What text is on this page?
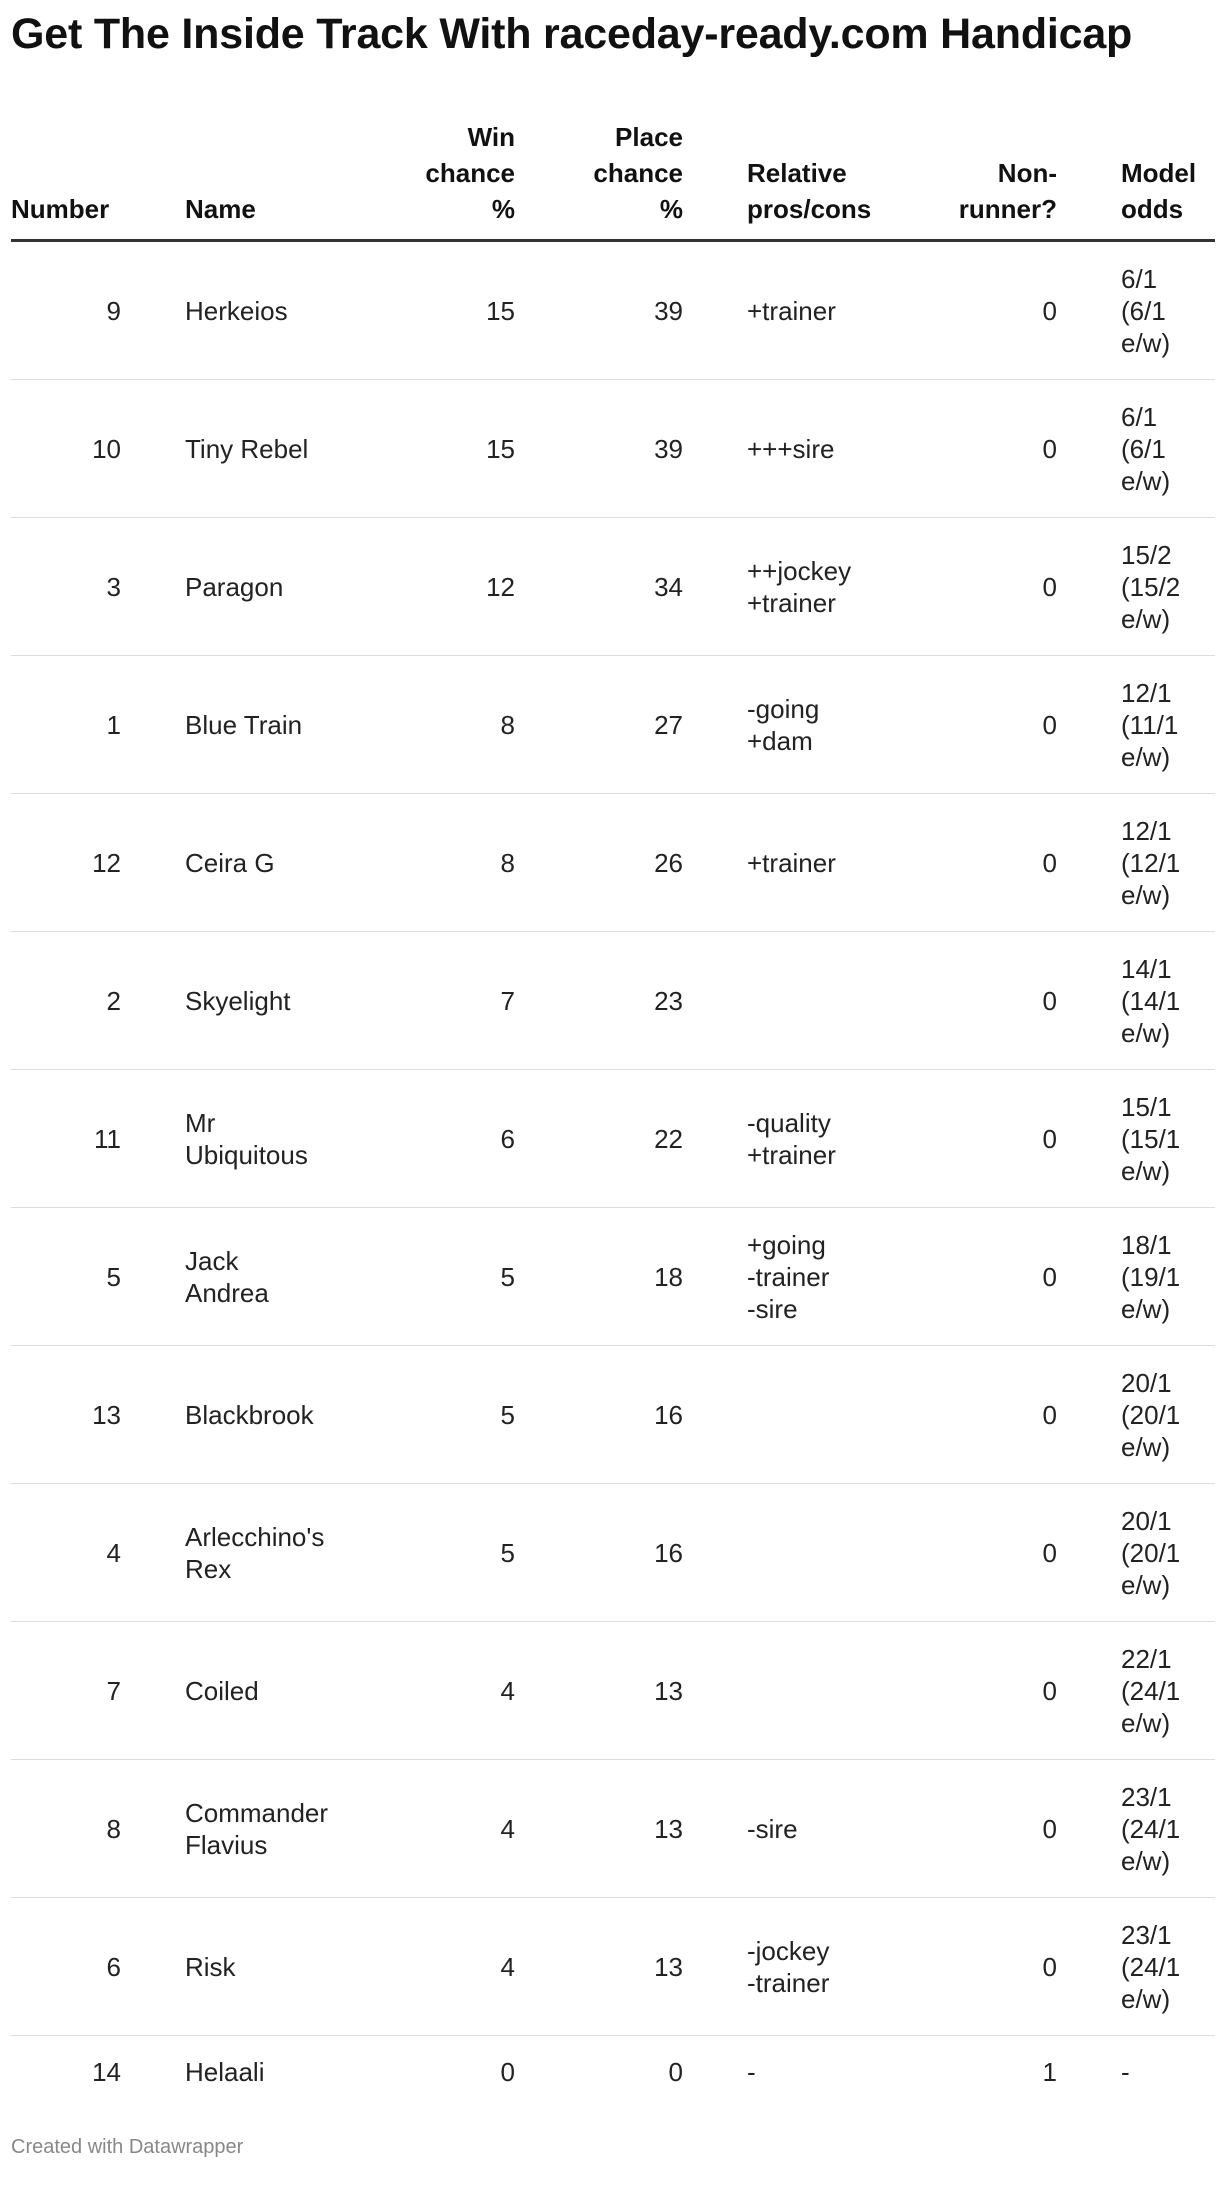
Get The Inside Track With raceday-ready.com Handicap
Number		Name	Win
chance
%	Place
chance
%		Relative
pros/cons	Non-
runner?		Model
odds
9		Herkeios	15	39		+trainer	0		6/1
(6/1
e/w)
10		Tiny Rebel	15	39		+++sire	0		6/1
(6/1
e/w)
3		Paragon	12	34		++jockey
+trainer	0		15/2
(15/2
e/w)
1		Blue Train	8	27		-going
+dam	0		12/1
(11/1
e/w)
12		Ceira G	8	26		+trainer	0		12/1
(12/1
e/w)
2		Skyelight	7	23			0		14/1
(14/1
e/w)
11		Mr
Ubiquitous	6	22		-quality
+trainer	0		15/1
(15/1
e/w)
5		Jack
Andrea	5	18		+going
-trainer
-sire	0		18/1
(19/1
e/w)
13		Blackbrook	5	16			0		20/1
(20/1
e/w)
4		Arlecchino's
Rex	5	16			0		20/1
(20/1
e/w)
7		Coiled	4	13			0		22/1
(24/1
e/w)
8		Commander
Flavius	4	13		-sire	0		23/1
(24/1
e/w)
6		Risk	4	13		-jockey
-trainer	0		23/1
(24/1
e/w)
14		Helaali	0	0		-	1		-
Created with Datawrapper
